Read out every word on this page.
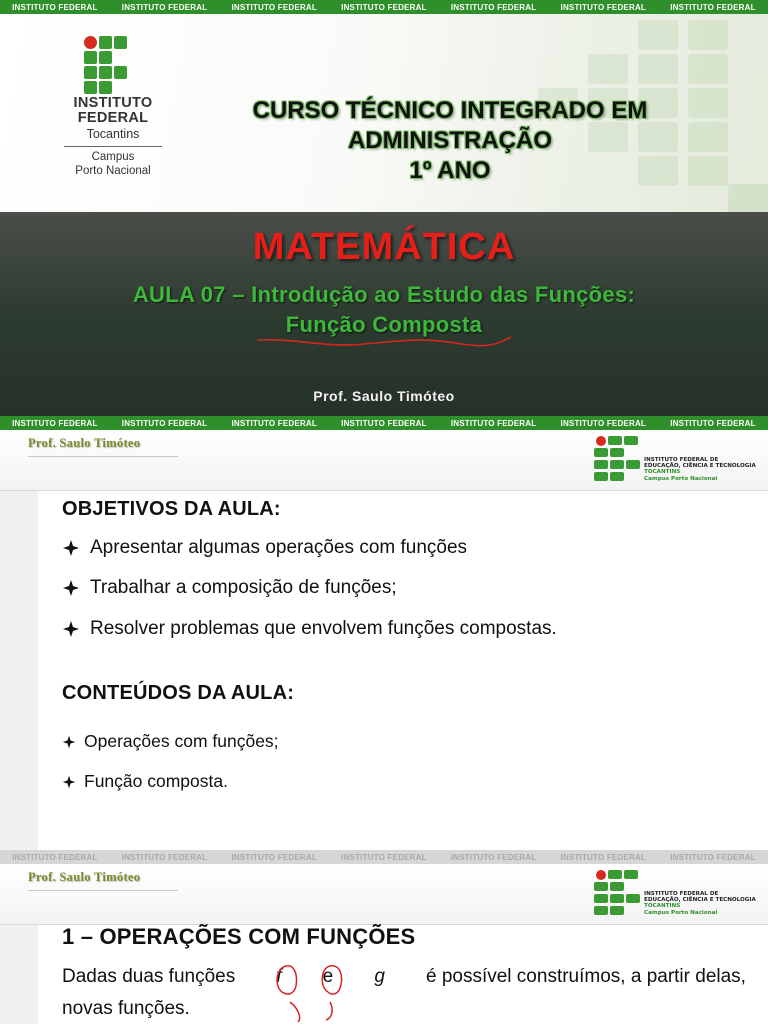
INSTITUTO FEDERAL	INSTITUTO FEDERAL	INSTITUTO FEDERAL	INSTITUTO FEDERAL	INSTITUTO FEDERAL	INSTITUTO FEDERAL	INSTITUTO FEDERAL
INSTITUTO
FEDERAL
Tocantins
Campus
Porto Nacional
CURSO TÉCNICO INTEGRADO EM
ADMINISTRAÇÃO
1º ANO
MATEMÁTICA
AULA 07 – Introdução ao Estudo das Funções:
Função Composta
Prof. Saulo Timóteo
INSTITUTO FEDERAL	INSTITUTO FEDERAL	INSTITUTO FEDERAL	INSTITUTO FEDERAL	INSTITUTO FEDERAL	INSTITUTO FEDERAL	INSTITUTO FEDERAL
Prof. Saulo Timóteo
INSTITUTO FEDERAL DE
EDUCAÇÃO, CIÊNCIA E TECNOLOGIA
TOCANTINS
Campus Porto Nacional
OBJETIVOS DA AULA:
Apresentar algumas operações com funções
Trabalhar a composição de funções;
Resolver problemas que envolvem funções compostas.
CONTEÚDOS DA AULA:
Operações com funções;
Função composta.
INSTITUTO FEDERAL	INSTITUTO FEDERAL	INSTITUTO FEDERAL	INSTITUTO FEDERAL	INSTITUTO FEDERAL	INSTITUTO FEDERAL	INSTITUTO FEDERAL
Prof. Saulo Timóteo
INSTITUTO FEDERAL DE
EDUCAÇÃO, CIÊNCIA E TECNOLOGIA
TOCANTINS
Campus Porto Nacional
1 – OPERAÇÕES COM FUNÇÕES
Dadas duas funções f e g é possível construímos, a partir delas,
novas funções.
